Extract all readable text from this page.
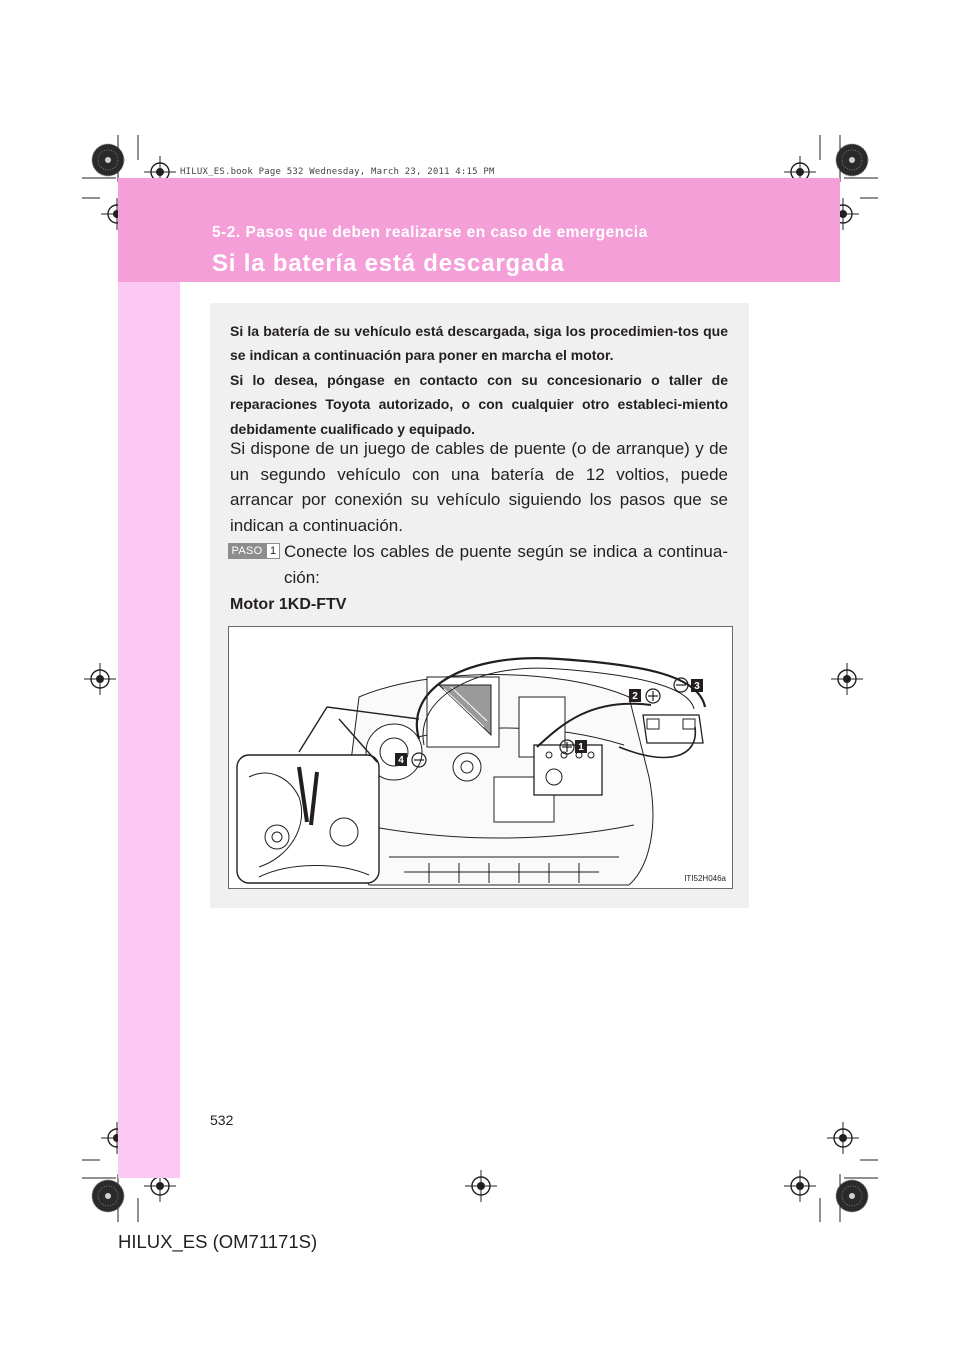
HILUX_ES.book Page 532 Wednesday, March 23, 2011 4:15 PM
5-2. Pasos que deben realizarse en caso de emergencia
Si la batería está descargada

Si la batería de su vehículo está descargada, siga los procedimien-tos que se indican a continuación para poner en marcha el motor.

Si lo desea, póngase en contacto con su concesionario o taller de reparaciones Toyota autorizado, o con cualquier otro estableci-miento debidamente cualificado y equipado.

Si dispone de un juego de cables de puente (o de arranque) y de un segundo vehículo con una batería de 12 voltios, puede arrancar por conexión su vehículo siguiendo los pasos que se indican a continuación.

PASO 1 Conecte los cables de puente según se indica a continua-ción:

Motor 1KD-FTV
2
3
1
4
ITI52H046a
532
HILUX_ES (OM71171S)
